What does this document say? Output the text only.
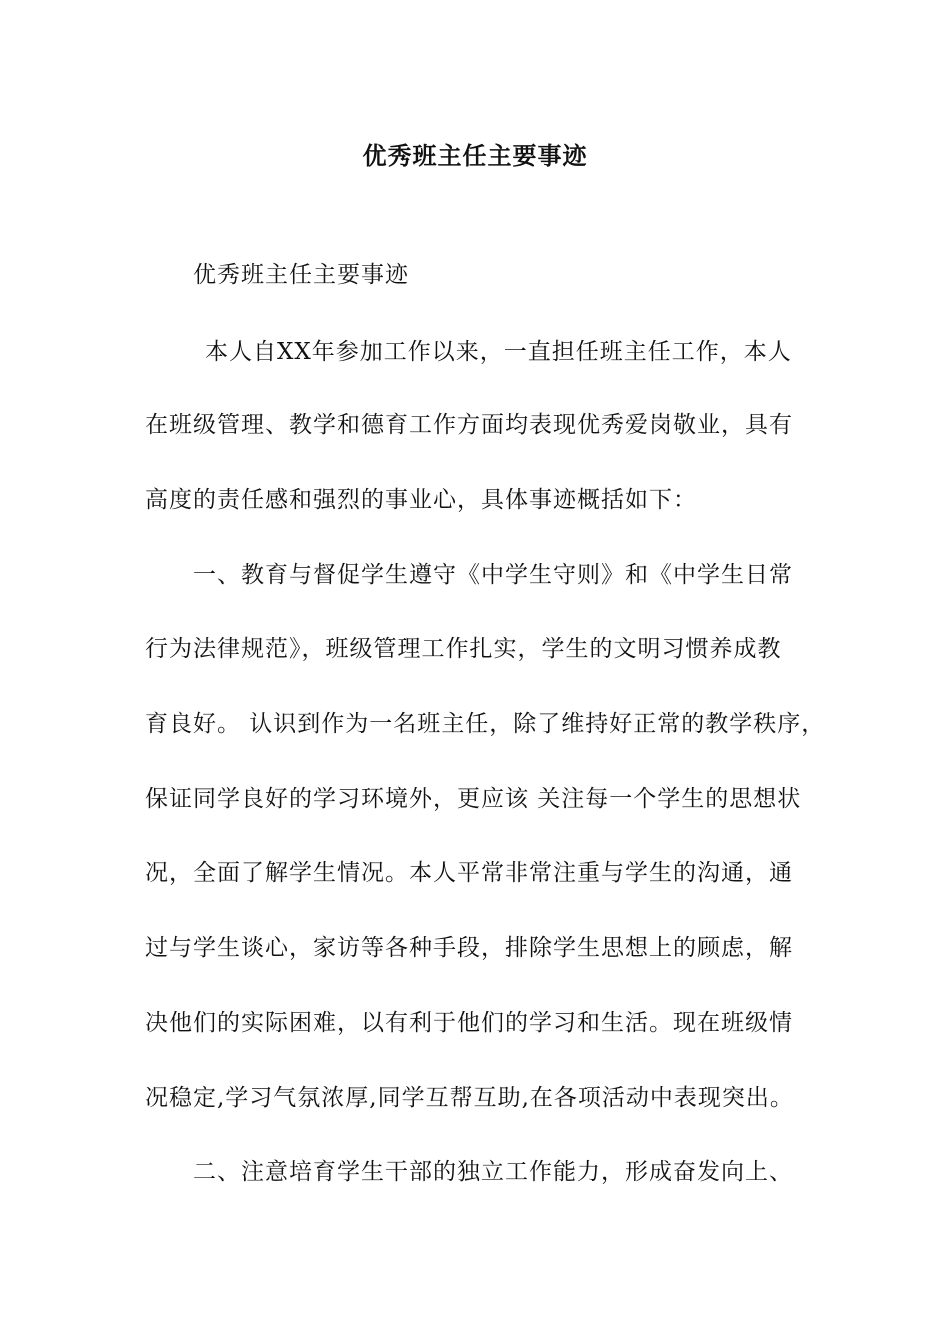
优秀班主任主要事迹
优秀班主任主要事迹
本人自XX年参加工作以来，一直担任班主任工作，本人
在班级管理、教学和德育工作方面均表现优秀爱岗敬业，具有
高度的责任感和强烈的事业心，具体事迹概括如下：
一、教育与督促学生遵守《中学生守则》和《中学生日常
行为法律规范》，班级管理工作扎实，学生的文明习惯养成教
育良好。 认识到作为一名班主任，除了维持好正常的教学秩序，
保证同学良好的学习环境外，更应该 关注每一个学生的思想状
况，全面了解学生情况。本人平常非常注重与学生的沟通，通
过与学生谈心，家访等各种手段，排除学生思想上的顾虑，解
决他们的实际困难，以有利于他们的学习和生活。现在班级情
况稳定,学习气氛浓厚,同学互帮互助,在各项活动中表现突出。
二、注意培育学生干部的独立工作能力，形成奋发向上、
